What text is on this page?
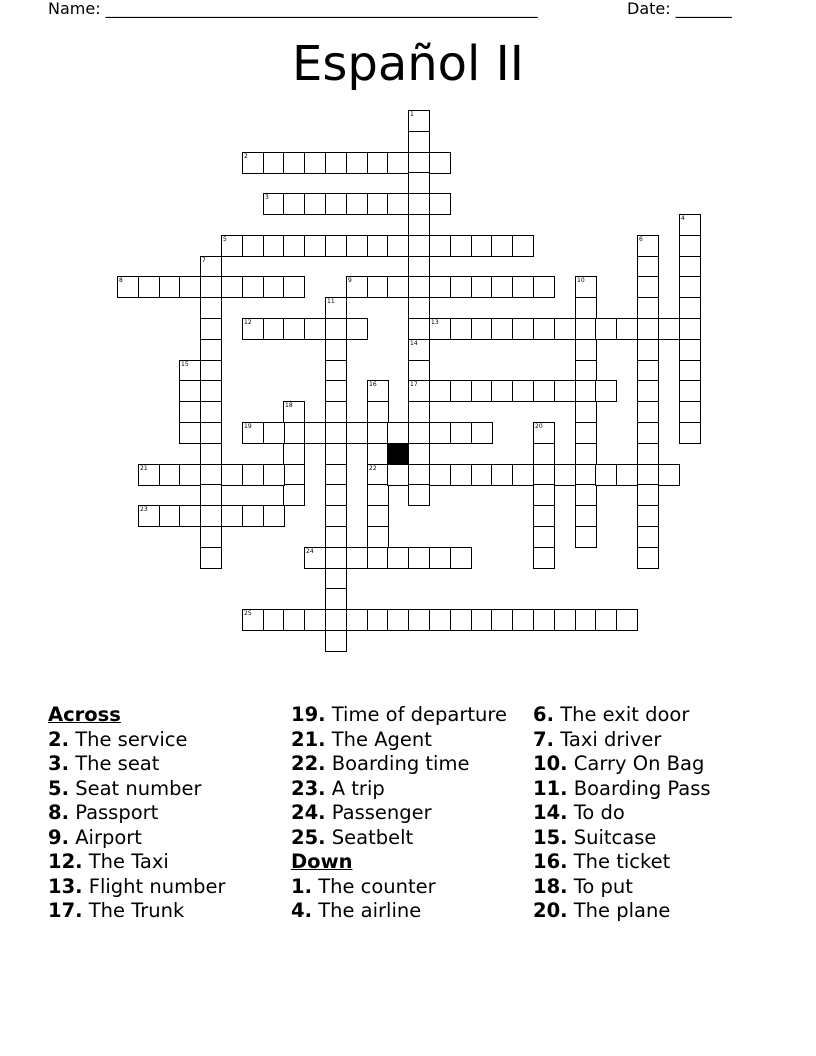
Name: ______________________________________________________	Date: _______
Español II
1
2
3
4
5	6
7
8	9	10
11
12	13
14
15
16	17
18
19	20
21	22
23
24
25
Across
2. The service
3. The seat
5. Seat number
8. Passport
9. Airport
12. The Taxi
13. Flight number
17. The Trunk
19. Time of departure
21. The Agent
22. Boarding time
23. A trip
24. Passenger
25. Seatbelt
Down
1. The counter
4. The airline
6. The exit door
7. Taxi driver
10. Carry On Bag
11. Boarding Pass
14. To do
15. Suitcase
16. The ticket
18. To put
20. The plane
